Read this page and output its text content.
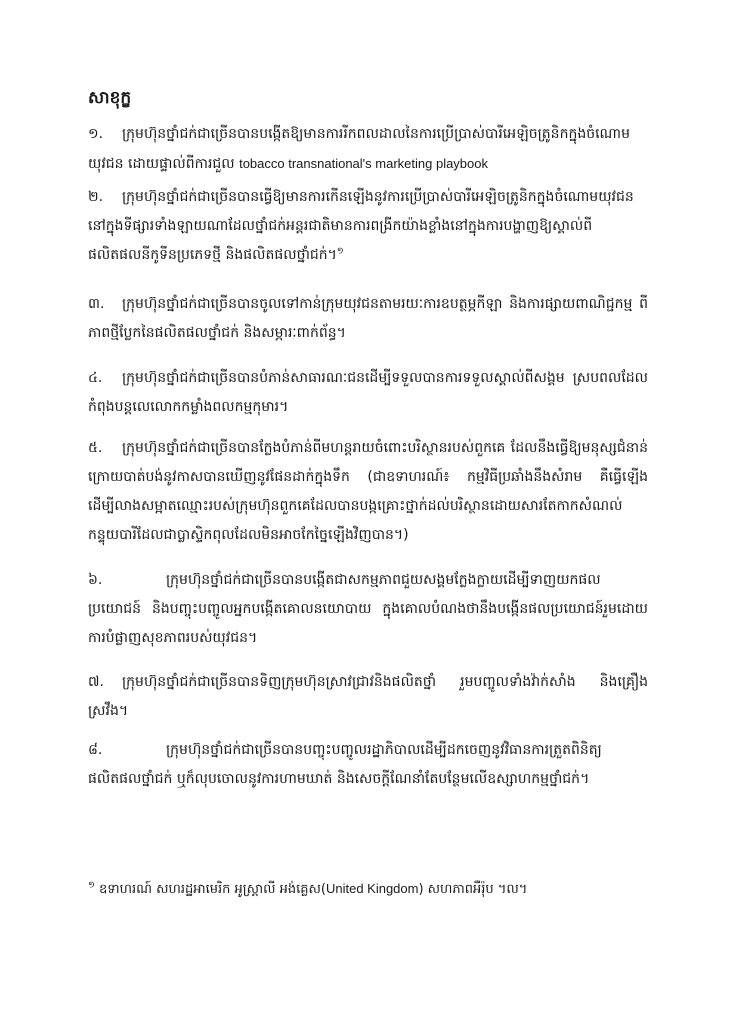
សាខុក្ខ
១. ក្រុមហ៊ុនថ្នាំជក់ជាច្រើនបានបង្កើតឱ្យមានការរីកពលដាលនៃការប្រើប្រាស់បារីអេឡិចត្រូនិកក្នុងចំណោមយុវជន ដោយផ្ទាល់ពីការជួល tobacco transnational's marketing playbook
២. ក្រុមហ៊ុនថ្នាំជក់ជាច្រើនបានធ្វើឱ្យមានការកើនឡើងនូវការប្រើប្រាស់បារីអេឡិចត្រូនិកក្នុងចំណោមយុវជននៅក្នុងទីផ្សារទាំងឡាយណាដែលថ្នាំជក់អន្តរជាតិមានការពង្រីកយ៉ាងខ្លាំងនៅក្នុងការបង្ហាញឱ្យស្គាល់ពីផលិតផលនីកូទីនប្រភេទថ្មី និងផលិតផលថ្នាំជក់។$^១$
៣. ក្រុមហ៊ុនថ្នាំជក់ជាច្រើនបានចូលទៅកាន់ក្រុមយុវជនតាមរយៈការឧបត្ថម្ភកីឡា និងការផ្សាយពាណិជ្ជកម្ម ពីភាពថ្មីប្លែកនៃផលិតផលថ្នាំជក់ និងសម្ភារៈពាក់ព័ន្ធ។
៤. ក្រុមហ៊ុនថ្នាំជក់ជាច្រើនបានបំភាន់សាធារណៈជនដើម្បីទទួលបានការទទួលស្គាល់ពីសង្គម ស្របពលដែលកំពុងបន្តលេលោកកម្លាំងពលកម្មកុមារ។
៥. ក្រុមហ៊ុនថ្នាំជក់ជាច្រើនបានក្លែងបំភាន់ពីមហន្តរាយចំពោះបរិស្ថានរបស់ពួកគេ ដែលនឹងធ្វើឱ្យមនុស្សជំនាន់ក្រោយបាត់បង់នូវកាសបានឃើញនូវផែនដាក់ក្នុងទឹក (ជាឧទាហរណ៍៖ កម្មវិធីប្រឆាំងនឹងសំរាម គឺធ្វើឡើងដើម្បីលាងសម្អាតឈ្មោះរបស់ក្រុមហ៊ុនពួកគេដែលបានបង្កគ្រោះថ្នាក់ដល់បរិស្ថានដោយសារតែកាកសំណល់កន្ទុយបារីដែលជាប្លាស្ទិកពុលដែលមិនអាចកែច្នៃឡើងវិញបាន។)
៦.	ក្រុមហ៊ុនថ្នាំជក់ជាច្រើនបានបង្កើតជាសកម្មភាពជួយសង្គមក្លែងក្លាយដើម្បីទាញយកផលប្រយោជន៍ និងបញ្ចុះបញ្ចូលអ្នកបង្កើតគោលនយោបាយ ក្នុងគោលបំណងថានឹងបង្កើនផលប្រយោជន៍រួមដោយការបំផ្លាញសុខភាពរបស់យុវជន។
៧. ក្រុមហ៊ុនថ្នាំជក់ជាច្រើនបានទិញក្រុមហ៊ុនស្រាវជ្រាវនិងផលិតថ្នាំ រួមបញ្ចូលទាំងវ៉ាក់សាំង និងគ្រឿងស្រវឹង។
៨.	ក្រុមហ៊ុនថ្នាំជក់ជាច្រើនបានបញ្ចុះបញ្ចូលរដ្ឋាភិបាលដើម្បីដកចេញនូវវិធានការត្រួតពិនិត្យផលិតផលថ្នាំជក់ ឬក៏លុបចោលនូវការហាមឃាត់ និងសេចក្តីណែនាំតែបន្ថែមលើឧស្សាហកម្មថ្នាំជក់។
$^១$ ឧទាហរណ៍ សហរដ្ឋអាមេរិក អូស្ត្រាលី អង់គ្លេស(United Kingdom) សហភាពអឺរ៉ុប ។ល។
